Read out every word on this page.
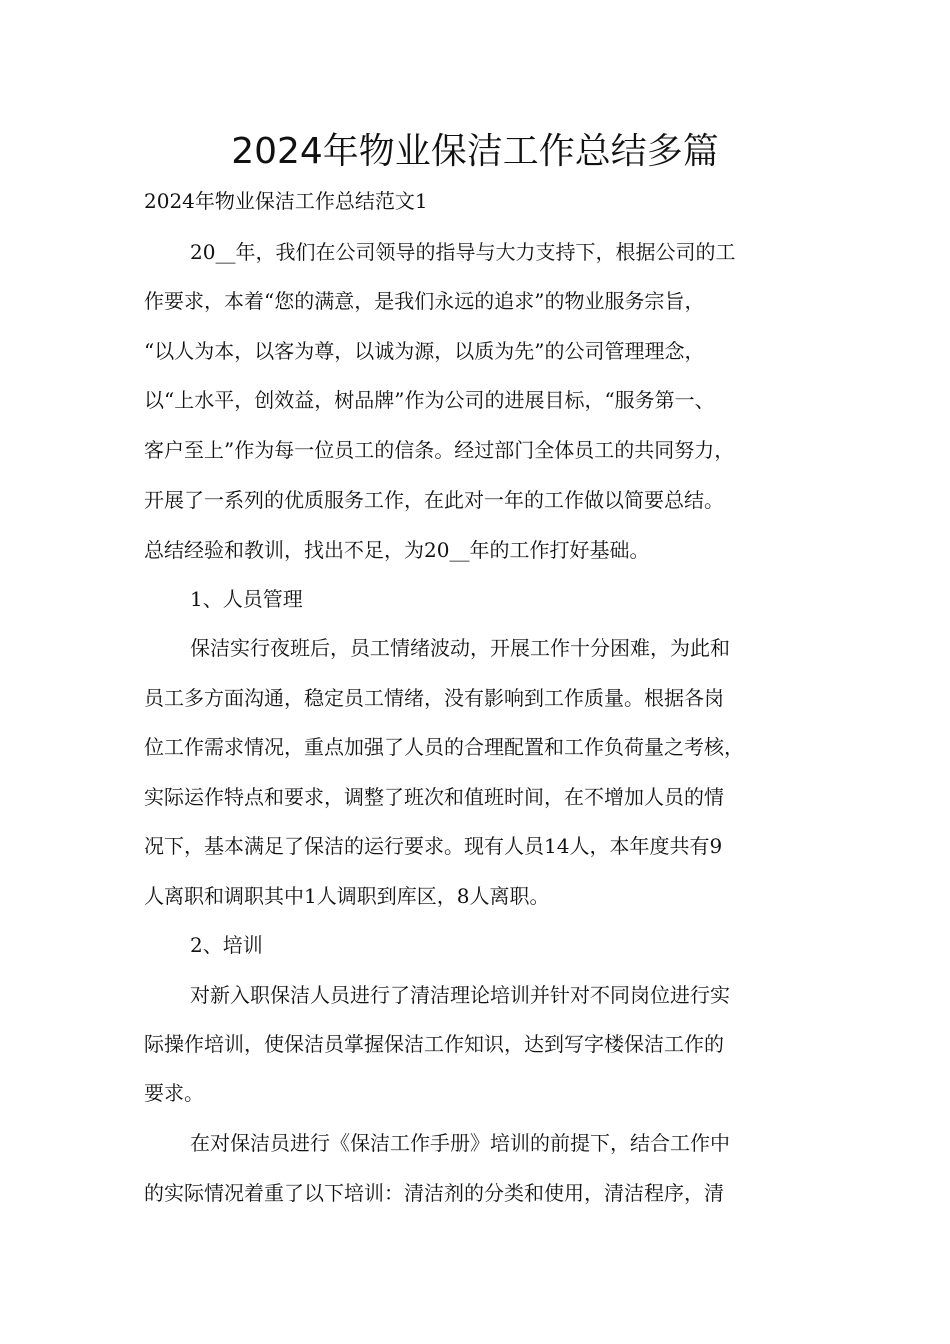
2024年物业保洁工作总结多篇

2024年物业保洁工作总结范文1

20__年，我们在公司领导的指导与大力支持下，根据公司的工

作要求，本着“您的满意，是我们永远的追求”的物业服务宗旨，

“以人为本，以客为尊，以诚为源，以质为先”的公司管理理念，

以“上水平，创效益，树品牌”作为公司的进展目标，“服务第一、

客户至上”作为每一位员工的信条。经过部门全体员工的共同努力，

开展了一系列的优质服务工作，在此对一年的工作做以简要总结。

总结经验和教训，找出不足，为20__年的工作打好基础。

1、人员管理

保洁实行夜班后，员工情绪波动，开展工作十分困难，为此和

员工多方面沟通，稳定员工情绪，没有影响到工作质量。根据各岗

位工作需求情况，重点加强了人员的合理配置和工作负荷量之考核，

实际运作特点和要求，调整了班次和值班时间，在不增加人员的情

况下，基本满足了保洁的运行要求。现有人员14人，本年度共有9

人离职和调职其中1人调职到库区，8人离职。

2、培训

对新入职保洁人员进行了清洁理论培训并针对不同岗位进行实

际操作培训，使保洁员掌握保洁工作知识，达到写字楼保洁工作的

要求。

在对保洁员进行《保洁工作手册》培训的前提下，结合工作中

的实际情况着重了以下培训：清洁剂的分类和使用，清洁程序，清
